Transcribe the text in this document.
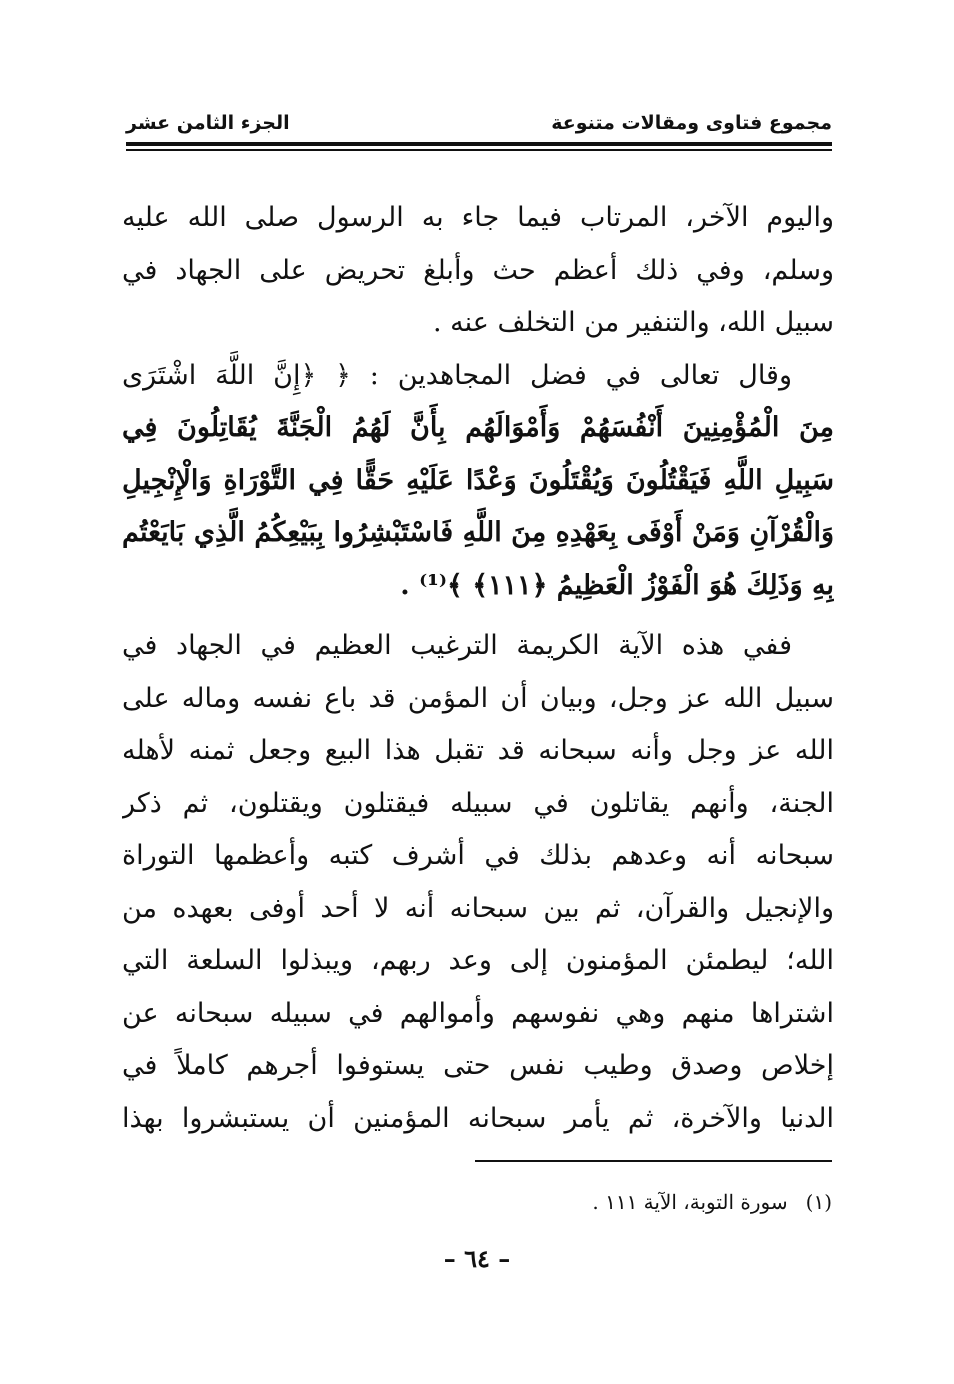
مجموع فتاوى ومقالات متنوعة
الجزء الثامن عشر
واليوم الآخر، المرتاب فيما جاء به الرسول صلى الله عليه
وسلم، وفي ذلك أعظم حث وأبلغ تحريض على الجهاد في
سبيل الله، والتنفير من التخلف عنه .
وقال تعالى في فضل المجاهدين : ﴿ ﴿إِنَّ اللَّهَ اشْتَرَى
مِنَ الْمُؤْمِنِينَ أَنْفُسَهُمْ وَأَمْوَالَهُم بِأَنَّ لَهُمُ الْجَنَّةَ يُقَاتِلُونَ فِي
سَبِيلِ اللَّهِ فَيَقْتُلُونَ وَيُقْتَلُونَ وَعْدًا عَلَيْهِ حَقًّا فِي التَّوْرَاةِ وَالْإِنْجِيلِ
وَالْقُرْآنِ وَمَنْ أَوْفَى بِعَهْدِهِ مِنَ اللَّهِ فَاسْتَبْشِرُوا بِبَيْعِكُمُ الَّذِي بَايَعْتُم
بِهِ وَذَلِكَ هُوَ الْفَوْزُ الْعَظِيمُ ﴿١١١﴾ ﴾⁽¹⁾ .
ففي هذه الآية الكريمة الترغيب العظيم في الجهاد في
سبيل الله عز وجل، وبيان أن المؤمن قد باع نفسه وماله على
الله عز وجل وأنه سبحانه قد تقبل هذا البيع وجعل ثمنه لأهله
الجنة، وأنهم يقاتلون في سبيله فيقتلون ويقتلون، ثم ذكر
سبحانه أنه وعدهم بذلك في أشرف كتبه وأعظمها التوراة
والإنجيل والقرآن، ثم بين سبحانه أنه لا أحد أوفى بعهده من
الله؛ ليطمئن المؤمنون إلى وعد ربهم، ويبذلوا السلعة التي
اشتراها منهم وهي نفوسهم وأموالهم في سبيله سبحانه عن
إخلاص وصدق وطيب نفس حتى يستوفوا أجرهم كاملاً في
الدنيا والآخرة، ثم يأمر سبحانه المؤمنين أن يستبشروا بهذا
(١)سورة التوبة، الآية ١١١ .
– ٦٤ –
